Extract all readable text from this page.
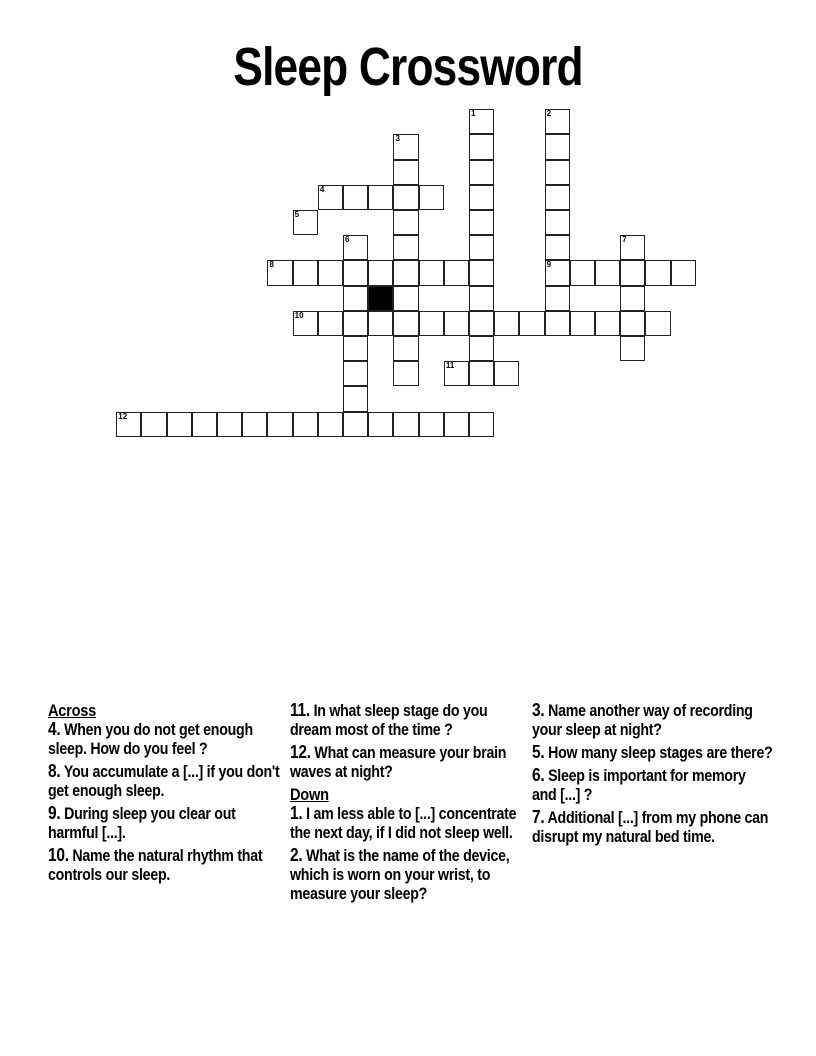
Sleep Crossword
1	2
9
3
4
5
6	7
8
10
11
12
Across
4. When you do not get enough sleep. How do you feel ?
8. You accumulate a [...] if you don't get enough sleep.
9. During sleep you clear out harmful [...].
10. Name the natural rhythm that controls our sleep.
11. In what sleep stage do you dream most of the time ?
12. What can measure your brain waves at night?
Down
1. I am less able to [...] concentrate the next day, if I did not sleep well.
2. What is the name of the device, which is worn on your wrist, to measure your sleep?
3. Name another way of recording your sleep at night?
5. How many sleep stages are there?
6. Sleep is important for memory and [...] ?
7. Additional [...] from my phone can disrupt my natural bed time.
